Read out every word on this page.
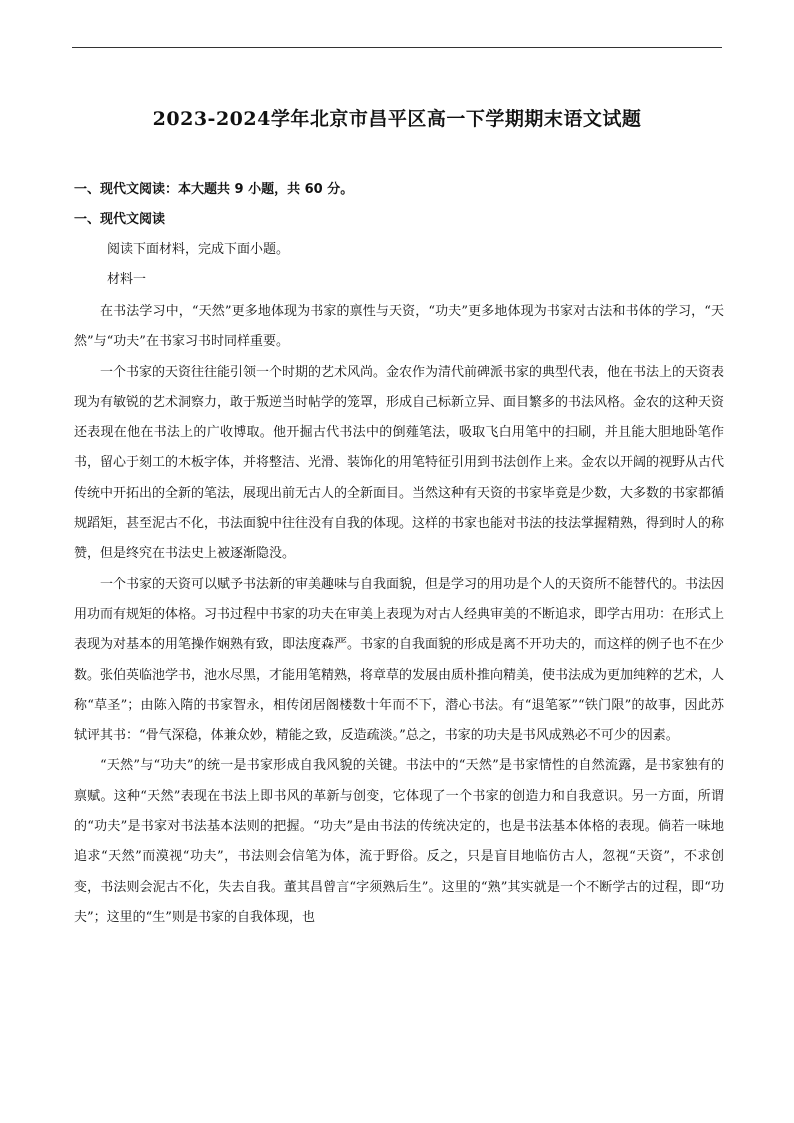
2023-2024学年北京市昌平区高一下学期期末语文试题
一、现代文阅读：本大题共 9 小题，共 60 分。
一、现代文阅读
阅读下面材料，完成下面小题。
材料一

在书法学习中，“天然”更多地体现为书家的禀性与天资，“功夫”更多地体现为书家对古法和书体的学习，“天然”与“功夫”在书家习书时同样重要。

一个书家的天资往往能引领一个时期的艺术风尚。金农作为清代前碑派书家的典型代表，他在书法上的天资表现为有敏锐的艺术洞察力，敢于叛逆当时帖学的笼罩，形成自己标新立异、面目繁多的书法风格。金农的这种天资还表现在他在书法上的广收博取。他开掘古代书法中的倒薤笔法，吸取飞白用笔中的扫刷，并且能大胆地卧笔作书，留心于刻工的木板字体，并将整洁、光滑、装饰化的用笔特征引用到书法创作上来。金农以开阔的视野从古代传统中开拓出的全新的笔法，展现出前无古人的全新面目。当然这种有天资的书家毕竟是少数，大多数的书家都循规蹈矩，甚至泥古不化，书法面貌中往往没有自我的体现。这样的书家也能对书法的技法掌握精熟，得到时人的称赞，但是终究在书法史上被逐渐隐没。

一个书家的天资可以赋予书法新的审美趣味与自我面貌，但是学习的用功是个人的天资所不能替代的。书法因用功而有规矩的体格。习书过程中书家的功夫在审美上表现为对古人经典审美的不断追求，即学古用功：在形式上表现为对基本的用笔操作娴熟有致，即法度森严。书家的自我面貌的形成是离不开功夫的，而这样的例子也不在少数。张伯英临池学书，池水尽黑，才能用笔精熟，将章草的发展由质朴推向精美，使书法成为更加纯粹的艺术，人称“草圣”；由陈入隋的书家智永，相传闭居阁楼数十年而不下，潜心书法。有“退笔冢”“铁门限”的故事，因此苏轼评其书：“骨气深稳，体兼众妙，精能之致，反造疏淡。”总之，书家的功夫是书风成熟必不可少的因素。

“天然”与“功夫”的统一是书家形成自我风貌的关键。书法中的“天然”是书家情性的自然流露，是书家独有的禀赋。这种“天然”表现在书法上即书风的革新与创变，它体现了一个书家的创造力和自我意识。另一方面，所谓的“功夫”是书家对书法基本法则的把握。“功夫”是由书法的传统决定的，也是书法基本体格的表现。倘若一味地追求“天然”而漠视“功夫”，书法则会信笔为体，流于野俗。反之，只是盲目地临仿古人，忽视“天资”，不求创变，书法则会泥古不化，失去自我。董其昌曾言“字须熟后生”。这里的“熟”其实就是一个不断学古的过程，即“功夫”；这里的“生”则是书家的自我体现，也
